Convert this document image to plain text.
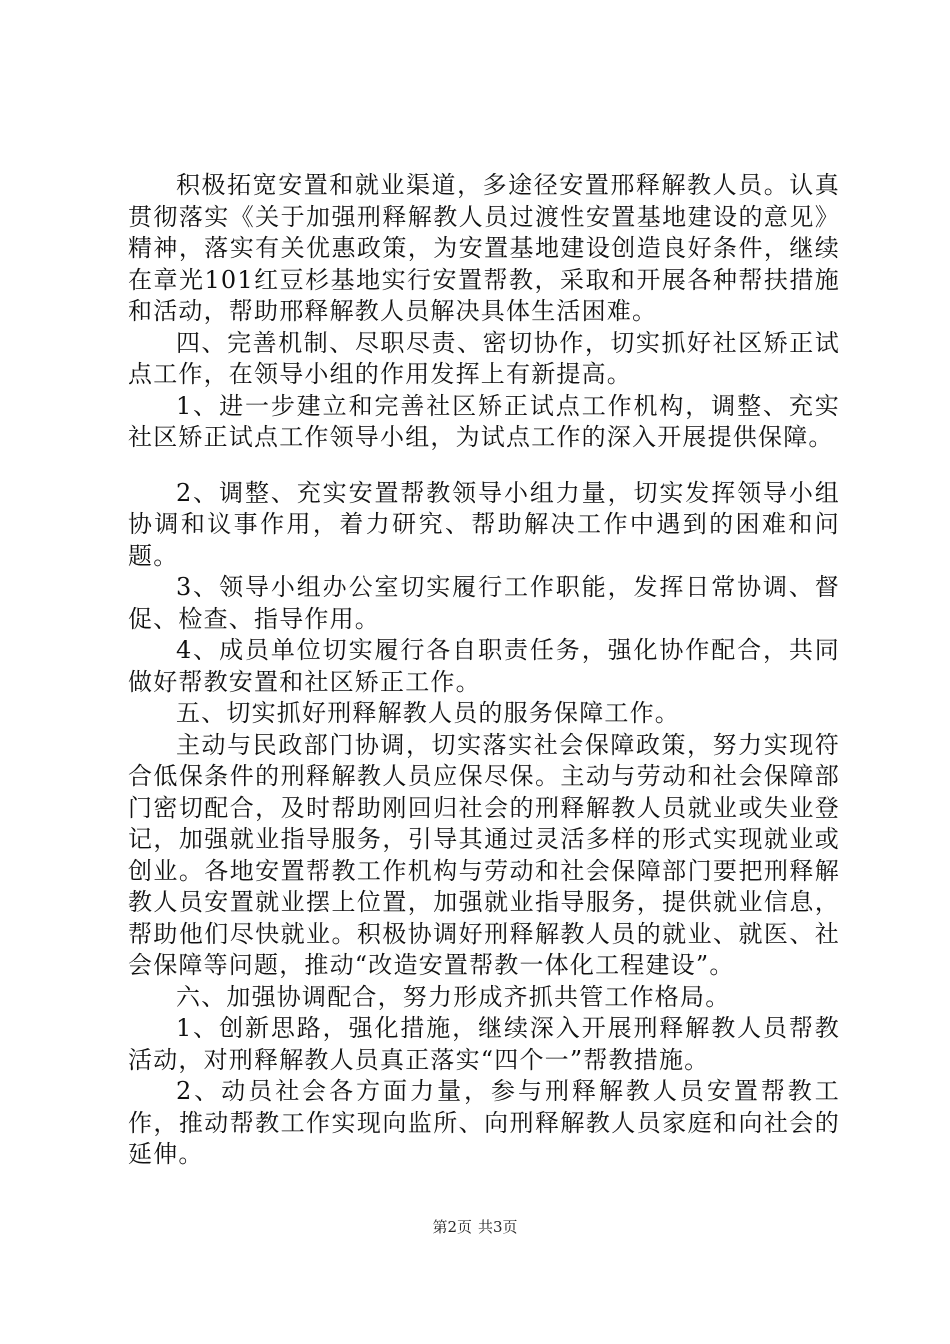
积极拓宽安置和就业渠道，多途径安置邢释解教人员。认真贯彻落实《关于加强刑释解教人员过渡性安置基地建设的意见》精神，落实有关优惠政策，为安置基地建设创造良好条件，继续在章光101红豆杉基地实行安置帮教，采取和开展各种帮扶措施和活动，帮助邢释解教人员解决具体生活困难。

四、完善机制、尽职尽责、密切协作，切实抓好社区矫正试点工作，在领导小组的作用发挥上有新提高。

1、进一步建立和完善社区矫正试点工作机构，调整、充实社区矫正试点工作领导小组，为试点工作的深入开展提供保障。

2、调整、充实安置帮教领导小组力量，切实发挥领导小组协调和议事作用，着力研究、帮助解决工作中遇到的困难和问题。

3、领导小组办公室切实履行工作职能，发挥日常协调、督促、检查、指导作用。

4、成员单位切实履行各自职责任务，强化协作配合，共同做好帮教安置和社区矫正工作。

五、切实抓好刑释解教人员的服务保障工作。

主动与民政部门协调，切实落实社会保障政策，努力实现符合低保条件的刑释解教人员应保尽保。主动与劳动和社会保障部门密切配合，及时帮助刚回归社会的刑释解教人员就业或失业登记，加强就业指导服务，引导其通过灵活多样的形式实现就业或创业。各地安置帮教工作机构与劳动和社会保障部门要把刑释解教人员安置就业摆上位置，加强就业指导服务，提供就业信息，帮助他们尽快就业。积极协调好刑释解教人员的就业、就医、社会保障等问题，推动“改造安置帮教一体化工程建设”。

六、加强协调配合，努力形成齐抓共管工作格局。

1、创新思路，强化措施，继续深入开展刑释解教人员帮教活动，对刑释解教人员真正落实“四个一”帮教措施。

2、动员社会各方面力量，参与刑释解教人员安置帮教工作，推动帮教工作实现向监所、向刑释解教人员家庭和向社会的延伸。

第2页 共3页
